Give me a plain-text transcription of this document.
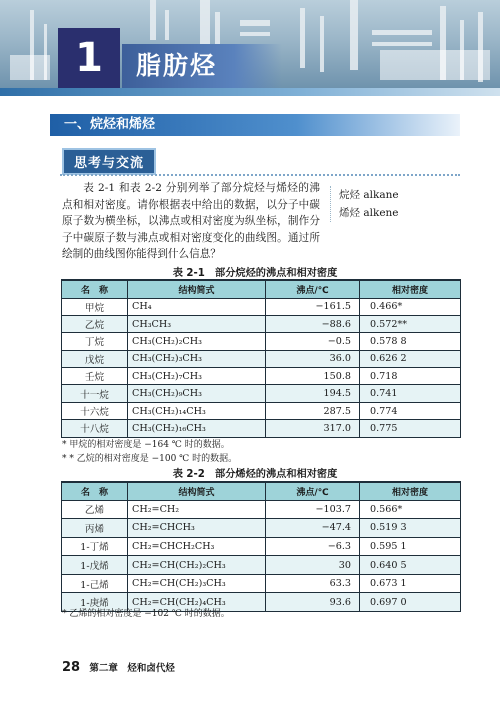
1	脂肪烃
一、烷烃和烯烃
思考与交流

表 2-1 和表 2-2 分别列举了部分烷烃与烯烃的沸点和相对密度。请你根据表中给出的数据，以分子中碳原子数为横坐标，以沸点或相对密度为纵坐标，制作分子中碳原子数与沸点或相对密度变化的曲线图。通过所绘制的曲线图你能得到什么信息？

烷烃 alkane
烯烃 alkene
表 2-1　部分烷烃的沸点和相对密度
名　称	结构简式	沸点/℃	相对密度
甲烷	CH₄	−161.5	0.466*
乙烷	CH₃CH₃	−88.6	0.572**
丁烷	CH₃(CH₂)₂CH₃	−0.5	0.578 8
戊烷	CH₃(CH₂)₃CH₃	36.0	0.626 2
壬烷	CH₃(CH₂)₇CH₃	150.8	0.718
十一烷	CH₃(CH₂)₉CH₃	194.5	0.741
十六烷	CH₃(CH₂)₁₄CH₃	287.5	0.774
十八烷	CH₃(CH₂)₁₆CH₃	317.0	0.775
* 甲烷的相对密度是 −164 ℃ 时的数据。
* * 乙烷的相对密度是 −100 ℃ 时的数据。
表 2-2　部分烯烃的沸点和相对密度
名　称	结构简式	沸点/℃	相对密度
乙烯	CH₂=CH₂	−103.7	0.566*
丙烯	CH₂=CHCH₃	−47.4	0.519 3
1-丁烯	CH₂=CHCH₂CH₃	−6.3	0.595 1
1-戊烯	CH₂=CH(CH₂)₂CH₃	30	0.640 5
1-己烯	CH₂=CH(CH₂)₃CH₃	63.3	0.673 1
1-庚烯	CH₂=CH(CH₂)₄CH₃	93.6	0.697 0
* 乙烯的相对密度是 −102 ℃ 时的数据。
28 第二章　烃和卤代烃
